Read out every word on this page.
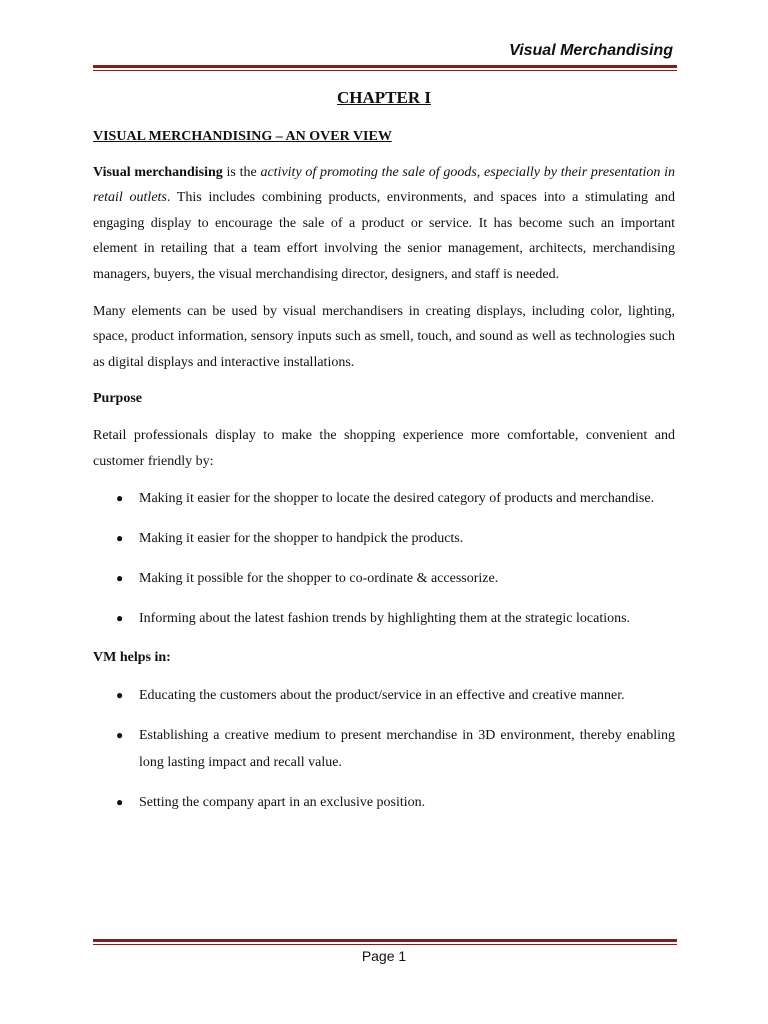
Visual Merchandising
CHAPTER I
VISUAL MERCHANDISING – AN OVER VIEW

Visual merchandising is the activity of promoting the sale of goods, especially by their presentation in retail outlets. This includes combining products, environments, and spaces into a stimulating and engaging display to encourage the sale of a product or service. It has become such an important element in retailing that a team effort involving the senior management, architects, merchandising managers, buyers, the visual merchandising director, designers, and staff is needed.

Many elements can be used by visual merchandisers in creating displays, including color, lighting, space, product information, sensory inputs such as smell, touch, and sound as well as technologies such as digital displays and interactive installations.

Purpose

Retail professionals display to make the shopping experience more comfortable, convenient and customer friendly by:

● Making it easier for the shopper to locate the desired category of products and merchandise.
● Making it easier for the shopper to handpick the products.
● Making it possible for the shopper to co-ordinate & accessorize.
● Informing about the latest fashion trends by highlighting them at the strategic locations.
VM helps in:
● Educating the customers about the product/service in an effective and creative manner.
● Establishing a creative medium to present merchandise in 3D environment, thereby enabling long lasting impact and recall value.
● Setting the company apart in an exclusive position.
Page 1
